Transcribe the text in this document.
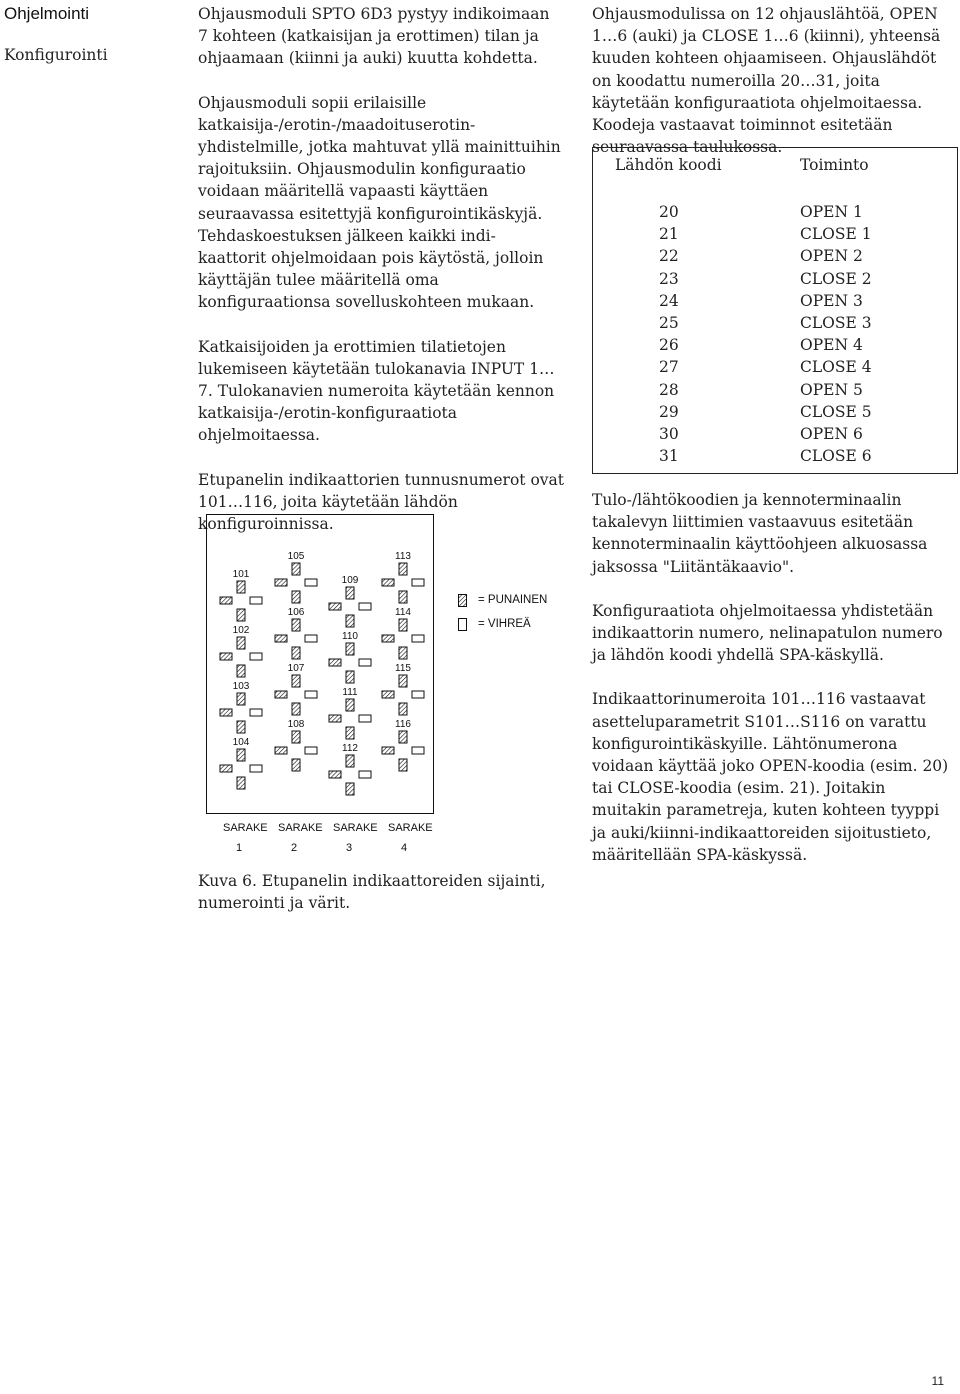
Ohjelmointi
Konfigurointi

Ohjausmoduli SPTO 6D3 pystyy indikoimaan 7 kohteen (katkaisijan ja erottimen) tilan ja ohjaamaan (kiinni ja auki) kuutta kohdetta.

Ohjausmoduli sopii erilaisille katkaisija-/erotin-/maadoituserotin-yhdistelmille, jotka mahtuvat yllä mainittuihin rajoituksiin. Ohjausmodulin konfiguraatio voidaan määritellä vapaasti käyttäen seuraavassa esitettyjä konfigurointikäskyjä. Tehdaskoestuksen jälkeen kaikki indi-kaattorit ohjelmoidaan pois käytöstä, jolloin käyttäjän tulee määritellä oma konfiguraationsa sovelluskohteen mukaan.

Katkaisijoiden ja erottimien tilatietojen lukemiseen käytetään tulokanavia INPUT 1…7. Tulokanavien numeroita käytetään kennon katkaisija-/erotin-konfiguraatiota ohjelmoitaessa.

Etupanelin indikaattorien tunnusnumerot ovat 101…116, joita käytetään lähdön konfiguroinnissa.

101
102
103
104
105
106
107
108
109
110
111
112
113
114
115
116
SARAKE SARAKE SARAKE SARAKE
1	2	3	4
= PUNAINEN
= VIHREÄ
Kuva 6. Etupanelin indikaattoreiden sijainti, numerointi ja värit.

Ohjausmodulissa on 12 ohjauslähtöä, OPEN 1…6 (auki) ja CLOSE 1…6 (kiinni), yhteensä kuuden kohteen ohjaamiseen. Ohjauslähdöt on koodattu numeroilla 20…31, joita käytetään konfiguraatiota ohjelmoitaessa. Koodeja vastaavat toiminnot esitetään seuraavassa taulukossa.

Lähdön koodi	Toiminto
20	OPEN 1
21	CLOSE 1
22	OPEN 2
23	CLOSE 2
24	OPEN 3
25	CLOSE 3
26	OPEN 4
27	CLOSE 4
28	OPEN 5
29	CLOSE 5
30	OPEN 6
31	CLOSE 6

Tulo-/lähtökoodien ja kennoterminaalin takalevyn liittimien vastaavuus esitetään kennoterminaalin käyttöohjeen alkuosassa jaksossa "Liitäntäkaavio".

Konfiguraatiota ohjelmoitaessa yhdistetään indikaattorin numero, nelinapatulon numero ja lähdön koodi yhdellä SPA-käskyllä.

Indikaattorinumeroita 101…116 vastaavat asetteluparametrit S101…S116 on varattu konfigurointikäskyille. Lähtönumerona voidaan käyttää joko OPEN-koodia (esim. 20) tai CLOSE-koodia (esim. 21). Joitakin muitakin parametreja, kuten kohteen tyyppi ja auki/kiinni-indikaattoreiden sijoitustieto, määritellään SPA-käskyssä.

11
